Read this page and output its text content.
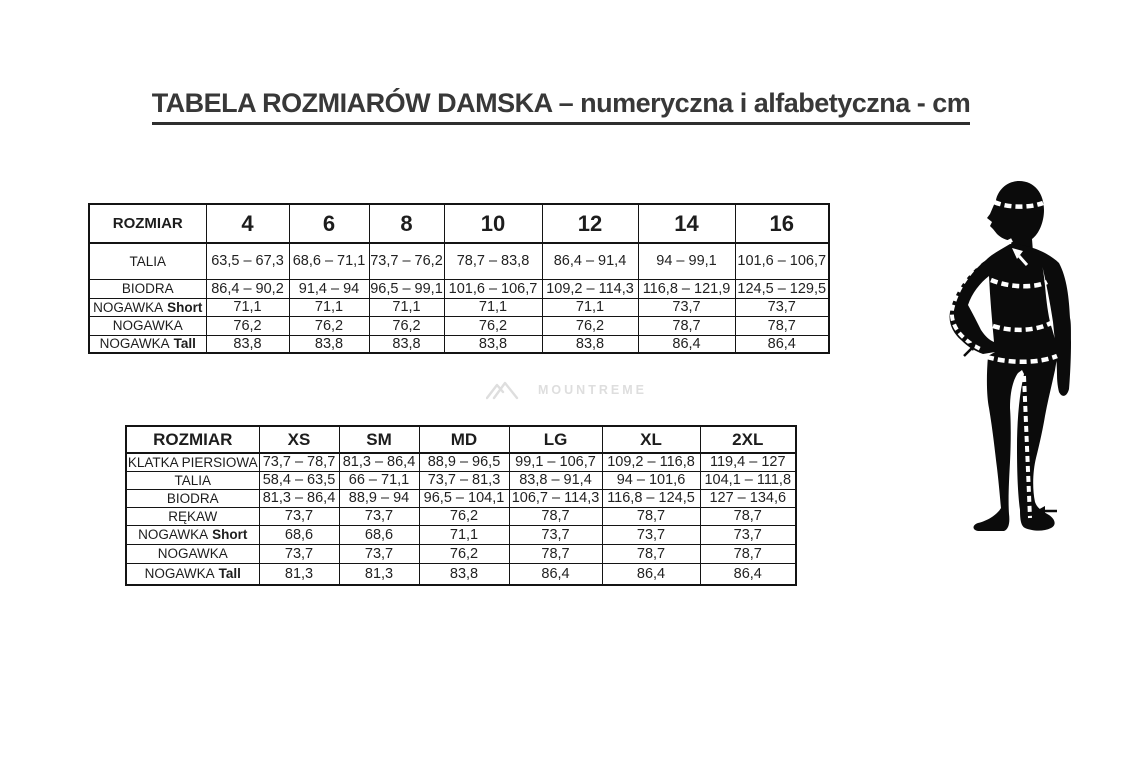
TABELA ROZMIARÓW DAMSKA – numeryczna i alfabetyczna - cm
ROZMIAR	4	6	8	10	12	14	16
TALIA	63,5 – 67,3	68,6 – 71,1	73,7 – 76,2	78,7 – 83,8	86,4 – 91,4	94 – 99,1	101,6 – 106,7
BIODRA	86,4 – 90,2	91,4 – 94	96,5 – 99,1	101,6 – 106,7	109,2 – 114,3	116,8 – 121,9	124,5 – 129,5
NOGAWKA Short	71,1	71,1	71,1	71,1	71,1	73,7	73,7
NOGAWKA	76,2	76,2	76,2	76,2	76,2	78,7	78,7
NOGAWKA Tall	83,8	83,8	83,8	83,8	83,8	86,4	86,4
MOUNTREME
ROZMIAR	XS	SM	MD	LG	XL	2XL
KLATKA PIERSIOWA	73,7 – 78,7	81,3 – 86,4	88,9 – 96,5	99,1 – 106,7	109,2 – 116,8	119,4 – 127
TALIA	58,4 – 63,5	66 – 71,1	73,7 – 81,3	83,8 – 91,4	94 – 101,6	104,1 – 111,8
BIODRA	81,3 – 86,4	88,9 – 94	96,5 – 104,1	106,7 – 114,3	116,8 – 124,5	127 – 134,6
RĘKAW	73,7	73,7	76,2	78,7	78,7	78,7
NOGAWKA Short	68,6	68,6	71,1	73,7	73,7	73,7
NOGAWKA	73,7	73,7	76,2	78,7	78,7	78,7
NOGAWKA Tall	81,3	81,3	83,8	86,4	86,4	86,4
